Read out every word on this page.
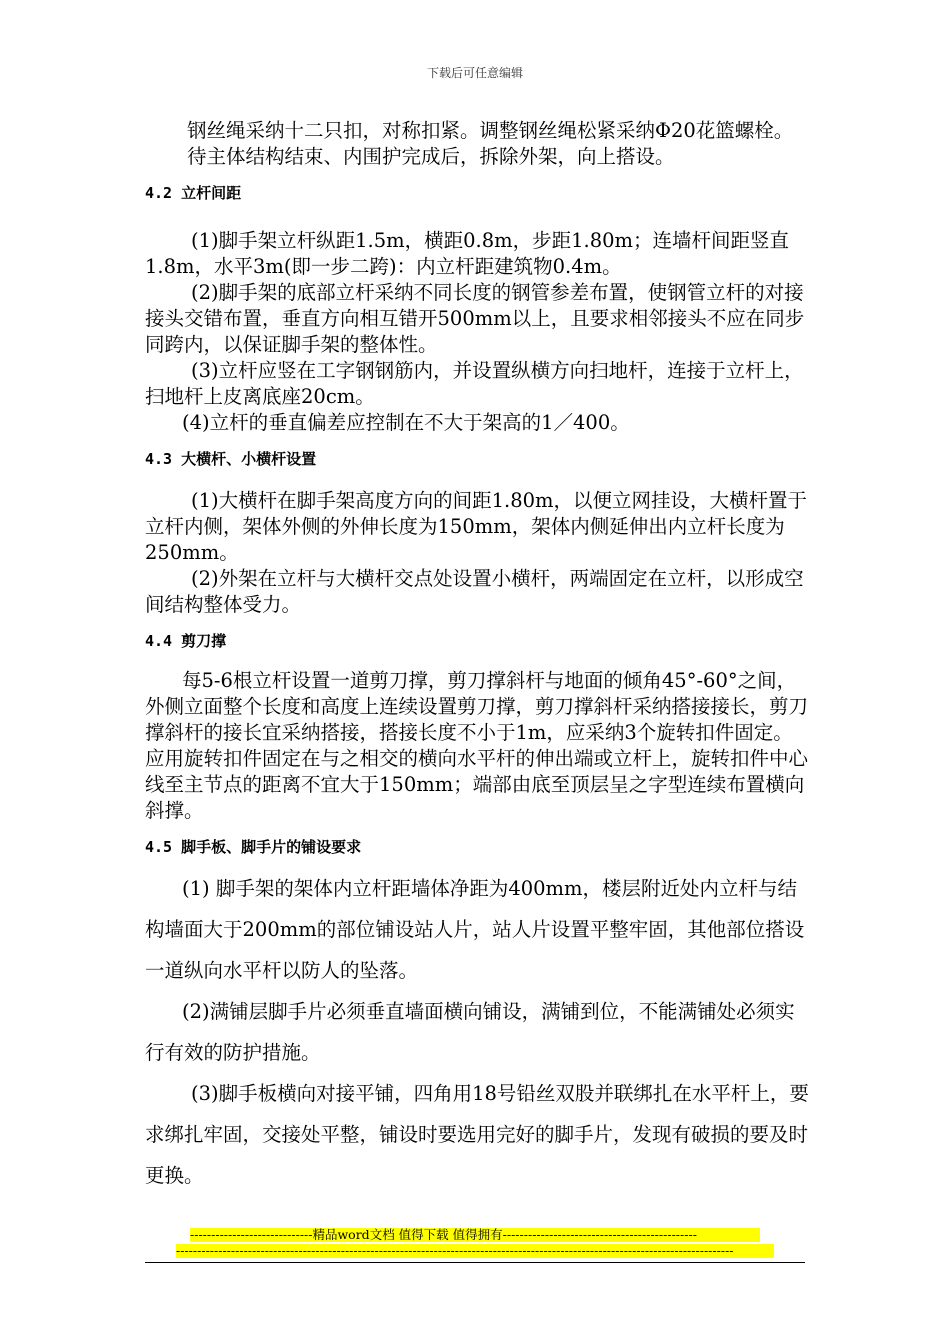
下载后可任意编辑

钢丝绳采纳十二只扣，对称扣紧。调整钢丝绳松紧采纳Φ20花篮螺栓。

待主体结构结束、内围护完成后，拆除外架，向上搭设。

4.2 立杆间距

(1)脚手架立杆纵距1.5m，横距0.8m，步距1.80m；连墙杆间距竖直1.8m，水平3m(即一步二跨)：内立杆距建筑物0.4m。

(2)脚手架的底部立杆采纳不同长度的钢管参差布置，使钢管立杆的对接接头交错布置，垂直方向相互错开500mm以上，且要求相邻接头不应在同步同跨内，以保证脚手架的整体性。

(3)立杆应竖在工字钢钢筋内，并设置纵横方向扫地杆，连接于立杆上，扫地杆上皮离底座20cm。

(4)立杆的垂直偏差应控制在不大于架高的1／400。

4.3 大横杆、小横杆设置

(1)大横杆在脚手架高度方向的间距1.80m，以便立网挂设，大横杆置于立杆内侧，架体外侧的外伸长度为150mm，架体内侧延伸出内立杆长度为250mm。

(2)外架在立杆与大横杆交点处设置小横杆，两端固定在立杆，以形成空间结构整体受力。

4.4 剪刀撑

每5-6根立杆设置一道剪刀撑，剪刀撑斜杆与地面的倾角45°-60°之间，外侧立面整个长度和高度上连续设置剪刀撑，剪刀撑斜杆采纳搭接接长，剪刀撑斜杆的接长宜采纳搭接，搭接长度不小于1m，应采纳3个旋转扣件固定。应用旋转扣件固定在与之相交的横向水平杆的伸出端或立杆上，旋转扣件中心线至主节点的距离不宜大于150mm；端部由底至顶层呈之字型连续布置横向斜撑。

4.5 脚手板、脚手片的铺设要求

(1) 脚手架的架体内立杆距墙体净距为400mm，楼层附近处内立杆与结构墙面大于200mm的部位铺设站人片，站人片设置平整牢固，其他部位搭设一道纵向水平杆以防人的坠落。

(2)满铺层脚手片必须垂直墙面横向铺设，满铺到位，不能满铺处必须实行有效的防护措施。

(3)脚手板横向对接平铺，四角用18号铅丝双股并联绑扎在水平杆上，要求绑扎牢固，交接处平整，铺设时要选用完好的脚手片，发现有破损的要及时更换。

-----------------------------精品word文档 值得下载 值得拥有----------------------------------------------
------------------------------------------------------------------------------------------------------------------------------------
